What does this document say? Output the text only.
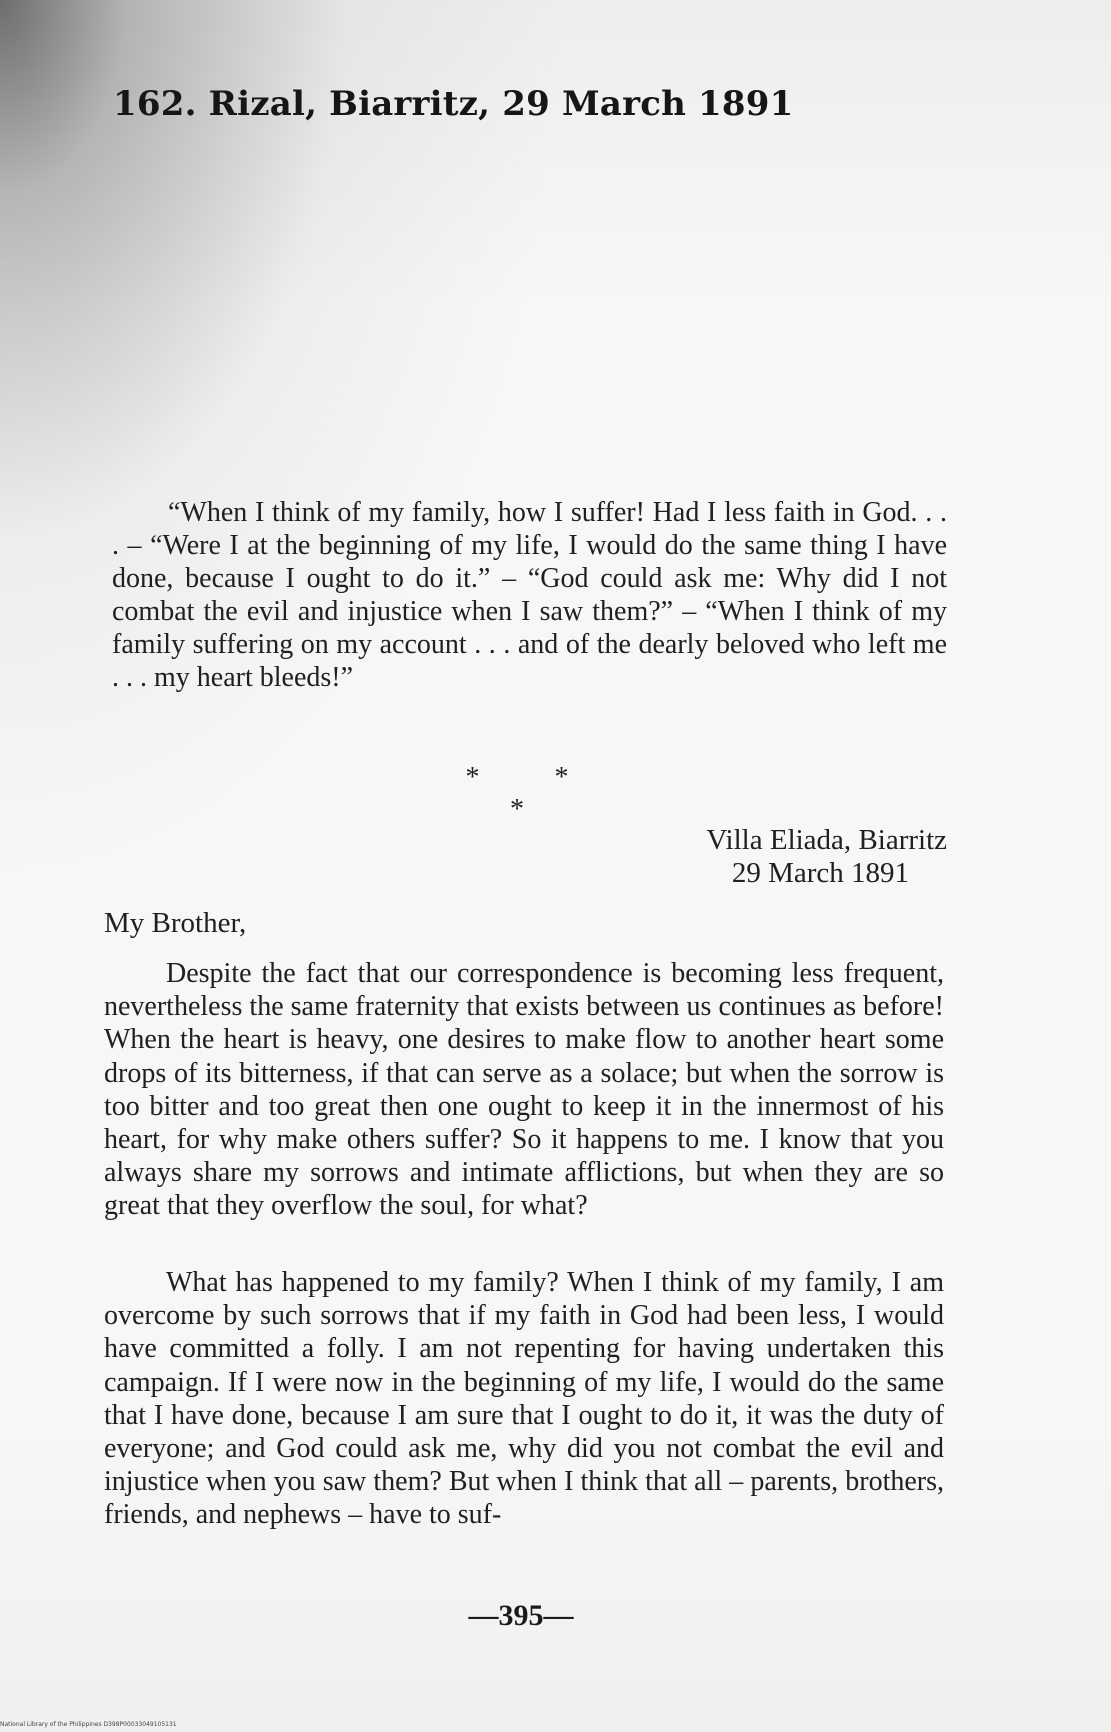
162. Rizal, Biarritz, 29 March 1891

“When I think of my family, how I suffer! Had I less faith in God. . . . – “Were I at the beginning of my life, I would do the same thing I have done, because I ought to do it.” – “God could ask me: Why did I not combat the evil and injustice when I saw them?” – “When I think of my family suffering on my account . . . and of the dearly beloved who left me . . . my heart bleeds!”

* * *

Villa Eliada, Biarritz
29 March 1891

My Brother,

Despite the fact that our correspondence is becoming less frequent, nevertheless the same fraternity that exists between us continues as before! When the heart is heavy, one desires to make flow to another heart some drops of its bitterness, if that can serve as a solace; but when the sorrow is too bitter and too great then one ought to keep it in the innermost of his heart, for why make others suffer? So it happens to me. I know that you always share my sorrows and intimate afflictions, but when they are so great that they overflow the soul, for what?

What has happened to my family? When I think of my family, I am overcome by such sorrows that if my faith in God had been less, I would have committed a folly. I am not repenting for having undertaken this campaign. If I were now in the beginning of my life, I would do the same that I have done, because I am sure that I ought to do it, it was the duty of everyone; and God could ask me, why did you not combat the evil and injustice when you saw them? But when I think that all – parents, brothers, friends, and nephews – have to suf-

—395—

National Library of the Philippines D398P00033049105131
